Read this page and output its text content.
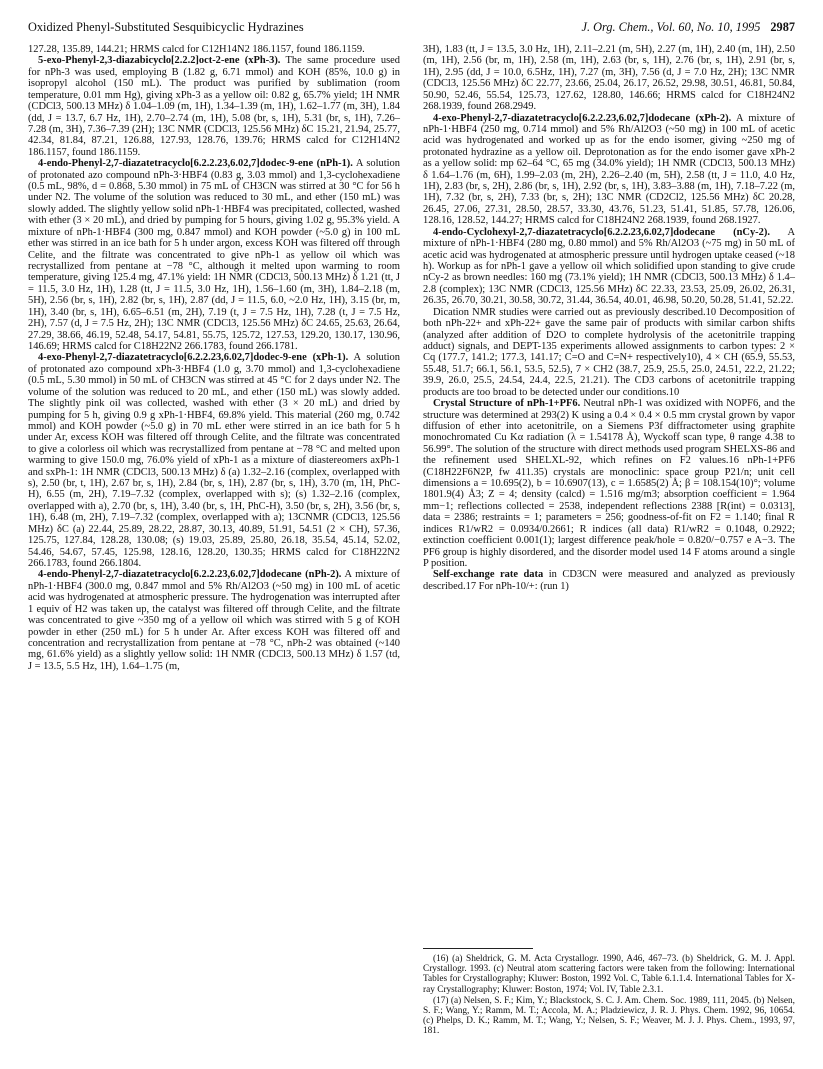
Oxidized Phenyl-Substituted Sesquibicyclic Hydrazines	J. Org. Chem., Vol. 60, No. 10, 1995 2987

127.28, 135.89, 144.21; HRMS calcd for C12H14N2 186.1157, found 186.1159.

5-exo-Phenyl-2,3-diazabicyclo[2.2.2]oct-2-ene (xPh-3). The same procedure used for nPh-3 was used, employing B (1.82 g, 6.71 mmol) and KOH (85%, 10.0 g) in isopropyl alcohol (150 mL). The product was purified by sublimation (room temperature, 0.01 mm Hg), giving xPh-3 as a yellow oil: 0.82 g, 65.7% yield; 1H NMR (CDCl3, 500.13 MHz) δ 1.04–1.09 (m, 1H), 1.34–1.39 (m, 1H), 1.62–1.77 (m, 3H), 1.84 (dd, J = 13.7, 6.7 Hz, 1H), 2.70–2.74 (m, 1H), 5.08 (br, s, 1H), 5.31 (br, s, 1H), 7.26–7.28 (m, 3H), 7.36–7.39 (2H); 13C NMR (CDCl3, 125.56 MHz) δC 15.21, 21.94, 25.77, 42.34, 81.84, 87.21, 126.88, 127.93, 128.76, 139.76; HRMS calcd for C12H14N2 186.1157, found 186.1159.

4-endo-Phenyl-2,7-diazatetracyclo[6.2.2.23,6.02,7]dodec-9-ene (nPh-1). A solution of protonated azo compound nPh-3·HBF4 (0.83 g, 3.03 mmol) and 1,3-cyclohexadiene (0.5 mL, 98%, d = 0.868, 5.30 mmol) in 75 mL of CH3CN was stirred at 30 °C for 56 h under N2. The volume of the solution was reduced to 30 mL, and ether (150 mL) was slowly added. The slightly yellow solid nPh-1·HBF4 was precipitated, collected, washed with ether (3 × 20 mL), and dried by pumping for 5 hours, giving 1.02 g, 95.3% yield. A mixture of nPh-1·HBF4 (300 mg, 0.847 mmol) and KOH powder (~5.0 g) in 100 mL ether was stirred in an ice bath for 5 h under argon, excess KOH was filtered off through Celite, and the filtrate was concentrated to give nPh-1 as yellow oil which was recrystallized from pentane at −78 °C, although it melted upon warming to room temperature, giving 125.4 mg, 47.1% yield: 1H NMR (CDCl3, 500.13 MHz) δ 1.21 (tt, J = 11.5, 3.0 Hz, 1H), 1.28 (tt, J = 11.5, 3.0 Hz, 1H), 1.56–1.60 (m, 3H), 1.84–2.18 (m, 5H), 2.56 (br, s, 1H), 2.82 (br, s, 1H), 2.87 (dd, J = 11.5, 6.0, ~2.0 Hz, 1H), 3.15 (br, m, 1H), 3.40 (br, s, 1H), 6.65–6.51 (m, 2H), 7.19 (t, J = 7.5 Hz, 1H), 7.28 (t, J = 7.5 Hz, 2H), 7.57 (d, J = 7.5 Hz, 2H); 13C NMR (CDCl3, 125.56 MHz) δC 24.65, 25.63, 26.64, 27.29, 38.66, 46.19, 52.48, 54.17, 54.81, 55.75, 125.72, 127.53, 129.20, 130.17, 130.96, 146.69; HRMS calcd for C18H22N2 266.1783, found 266.1781.

4-exo-Phenyl-2,7-diazatetracyclo[6.2.2.23,6.02,7]dodec-9-ene (xPh-1). A solution of protonated azo compound xPh-3·HBF4 (1.0 g, 3.70 mmol) and 1,3-cyclohexadiene (0.5 mL, 5.30 mmol) in 50 mL of CH3CN was stirred at 45 °C for 2 days under N2. The volume of the solution was reduced to 20 mL, and ether (150 mL) was slowly added. The slightly pink oil was collected, washed with ether (3 × 20 mL) and dried by pumping for 5 h, giving 0.9 g xPh-1·HBF4, 69.8% yield. This material (260 mg, 0.742 mmol) and KOH powder (~5.0 g) in 70 mL ether were stirred in an ice bath for 5 h under Ar, excess KOH was filtered off through Celite, and the filtrate was concentrated to give a colorless oil which was recrystallized from pentane at −78 °C and melted upon warming to give 150.0 mg, 76.0% yield of xPh-1 as a mixture of diastereomers axPh-1 and sxPh-1: 1H NMR (CDCl3, 500.13 MHz) δ (a) 1.32–2.16 (complex, overlapped with s), 2.50 (br, t, 1H), 2.67 br, s, 1H), 2.84 (br, s, 1H), 2.87 (br, s, 1H), 3.70 (m, 1H, PhC-H), 6.55 (m, 2H), 7.19–7.32 (complex, overlapped with s); (s) 1.32–2.16 (complex, overlapped with a), 2.70 (br, s, 1H), 3.40 (br, s, 1H, PhC-H), 3.50 (br, s, 2H), 3.56 (br, s, 1H), 6.48 (m, 2H), 7.19–7.32 (complex, overlapped with a); 13CNMR (CDCl3, 125.56 MHz) δC (a) 22.44, 25.89, 28.22, 28.87, 30.13, 40.89, 51.91, 54.51 (2 × CH), 57.36, 125.75, 127.84, 128.28, 130.08; (s) 19.03, 25.89, 25.80, 26.18, 35.54, 45.14, 52.02, 54.46, 54.67, 57.45, 125.98, 128.16, 128.20, 130.35; HRMS calcd for C18H22N2 266.1783, found 266.1804.

4-endo-Phenyl-2,7-diazatetracyclo[6.2.2.23,6.02,7]dodecane (nPh-2). A mixture of nPh-1·HBF4 (300.0 mg, 0.847 mmol and 5% Rh/Al2O3 (~50 mg) in 100 mL of acetic acid was hydrogenated at atmospheric pressure. The hydrogenation was interrupted after 1 equiv of H2 was taken up, the catalyst was filtered off through Celite, and the filtrate was concentrated to give ~350 mg of a yellow oil which was stirred with 5 g of KOH powder in ether (250 mL) for 5 h under Ar. After excess KOH was filtered off and concentration and recrystallization from pentane at −78 °C, nPh-2 was obtained (~140 mg, 61.6% yield) as a slightly yellow solid: 1H NMR (CDCl3, 500.13 MHz) δ 1.57 (td, J = 13.5, 5.5 Hz, 1H), 1.64–1.75 (m,

3H), 1.83 (tt, J = 13.5, 3.0 Hz, 1H), 2.11–2.21 (m, 5H), 2.27 (m, 1H), 2.40 (m, 1H), 2.50 (m, 1H), 2.56 (br, m, 1H), 2.58 (m, 1H), 2.63 (br, s, 1H), 2.76 (br, s, 1H), 2.91 (br, s, 1H), 2.95 (dd, J = 10.0, 6.5Hz, 1H), 7.27 (m, 3H), 7.56 (d, J = 7.0 Hz, 2H); 13C NMR (CDCl3, 125.56 MHz) δC 22.77, 23.66, 25.04, 26.17, 26.52, 29.98, 30.51, 46.81, 50.84, 50.90, 52.46, 55.54, 125.73, 127.62, 128.80, 146.66; HRMS calcd for C18H24N2 268.1939, found 268.2949.

4-exo-Phenyl-2,7-diazatetracyclo[6.2.2.23,6.02,7]dodecane (xPh-2). A mixture of nPh-1·HBF4 (250 mg, 0.714 mmol) and 5% Rh/Al2O3 (~50 mg) in 100 mL of acetic acid was hydrogenated and worked up as for the endo isomer, giving ~250 mg of protonated hydrazine as a yellow oil. Deprotonation as for the endo isomer gave xPh-2 as a yellow solid: mp 62–64 °C, 65 mg (34.0% yield); 1H NMR (CDCl3, 500.13 MHz) δ 1.64–1.76 (m, 6H), 1.99–2.03 (m, 2H), 2.26–2.40 (m, 5H), 2.58 (tt, J = 11.0, 4.0 Hz, 1H), 2.83 (br, s, 2H), 2.86 (br, s, 1H), 2.92 (br, s, 1H), 3.83–3.88 (m, 1H), 7.18–7.22 (m, 1H), 7.32 (br, s, 2H), 7.33 (br, s, 2H); 13C NMR (CD2Cl2, 125.56 MHz) δC 20.28, 26.45, 27.06, 27.31, 28.50, 28.57, 33.30, 43.76, 51.23, 51.41, 51.85, 57.78, 126.06, 128.16, 128.52, 144.27; HRMS calcd for C18H24N2 268.1939, found 268.1927.

4-endo-Cyclohexyl-2,7-diazatetracyclo[6.2.2.23,6.02,7]dodecane (nCy-2). A mixture of nPh-1·HBF4 (280 mg, 0.80 mmol) and 5% Rh/Al2O3 (~75 mg) in 50 mL of acetic acid was hydrogenated at atmospheric pressure until hydrogen uptake ceased (~18 h). Workup as for nPh-1 gave a yellow oil which solidified upon standing to give crude nCy-2 as brown needles: 160 mg (73.1% yield); 1H NMR (CDCl3, 500.13 MHz) δ 1.4–2.8 (complex); 13C NMR (CDCl3, 125.56 MHz) δC 22.33, 23.53, 25.09, 26.02, 26.31, 26.35, 26.70, 30.21, 30.58, 30.72, 31.44, 36.54, 40.01, 46.98, 50.20, 50.28, 51.41, 52.22.

Dication NMR studies were carried out as previously described.10 Decomposition of both nPh-22+ and xPh-22+ gave the same pair of products with similar carbon shifts (analyzed after addition of D2O to complete hydrolysis of the acetonitrile trapping adduct) signals, and DEPT-135 experiments allowed assignments to carbon types: 2 × Cq (177.7, 141.2; 177.3, 141.17; C=O and C=N+ respectively10), 4 × CH (65.9, 55.53, 55.48, 51.7; 66.1, 56.1, 53.5, 52.5), 7 × CH2 (38.7, 25.9, 25.5, 25.0, 24.51, 22.2, 21.22; 39.9, 26.0, 25.5, 24.54, 24.4, 22.5, 21.21). The CD3 carbons of acetonitrile trapping products are too broad to be detected under our conditions.10

Crystal Structure of nPh-1+PF6. Neutral nPh-1 was oxidized with NOPF6, and the structure was determined at 293(2) K using a 0.4 × 0.4 × 0.5 mm crystal grown by vapor diffusion of ether into acetonitrile, on a Siemens P3f diffractometer using graphite monochromated Cu Kα radiation (λ = 1.54178 Å), Wyckoff scan type, θ range 4.38 to 56.99°. The solution of the structure with direct methods used program SHELXS-86 and the refinement used SHELXL-92, which refines on F2 values.16 nPh-1+PF6 (C18H22F6N2P, fw 411.35) crystals are monoclinic: space group P21/n; unit cell dimensions a = 10.695(2), b = 10.6907(13), c = 1.6585(2) Å; β = 108.154(10)°; volume 1801.9(4) Å3; Z = 4; density (calcd) = 1.516 mg/m3; absorption coefficient = 1.964 mm−1; reflections collected = 2538, independent reflections 2388 [R(int) = 0.0313], data = 2386; restraints = 1; parameters = 256; goodness-of-fit on F2 = 1.140; final R indices R1/wR2 = 0.0934/0.2661; R indices (all data) R1/wR2 = 0.1048, 0.2922; extinction coefficient 0.001(1); largest difference peak/hole = 0.820/−0.757 e A−3. The PF6 group is highly disordered, and the disorder model used 14 F atoms around a single P position.

Self-exchange rate data in CD3CN were measured and analyzed as previously described.17 For nPh-10/+: (run 1)

(16) (a) Sheldrick, G. M. Acta Crystallogr. 1990, A46, 467–73. (b) Sheldrick, G. M. J. Appl. Crystallogr. 1993. (c) Neutral atom scattering factors were taken from the following: International Tables for Crystallography; Kluwer: Boston, 1992 Vol. C, Table 6.1.1.4. International Tables for X-ray Crystallography; Kluwer: Boston, 1974; Vol. IV, Table 2.3.1.

(17) (a) Nelsen, S. F.; Kim, Y.; Blackstock, S. C. J. Am. Chem. Soc. 1989, 111, 2045. (b) Nelsen, S. F.; Wang, Y.; Ramm, M. T.; Accola, M. A.; Pladziewicz, J. R. J. Phys. Chem. 1992, 96, 10654. (c) Phelps, D. K.; Ramm, M. T.; Wang, Y.; Nelsen, S. F.; Weaver, M. J. J. Phys. Chem., 1993, 97, 181.
